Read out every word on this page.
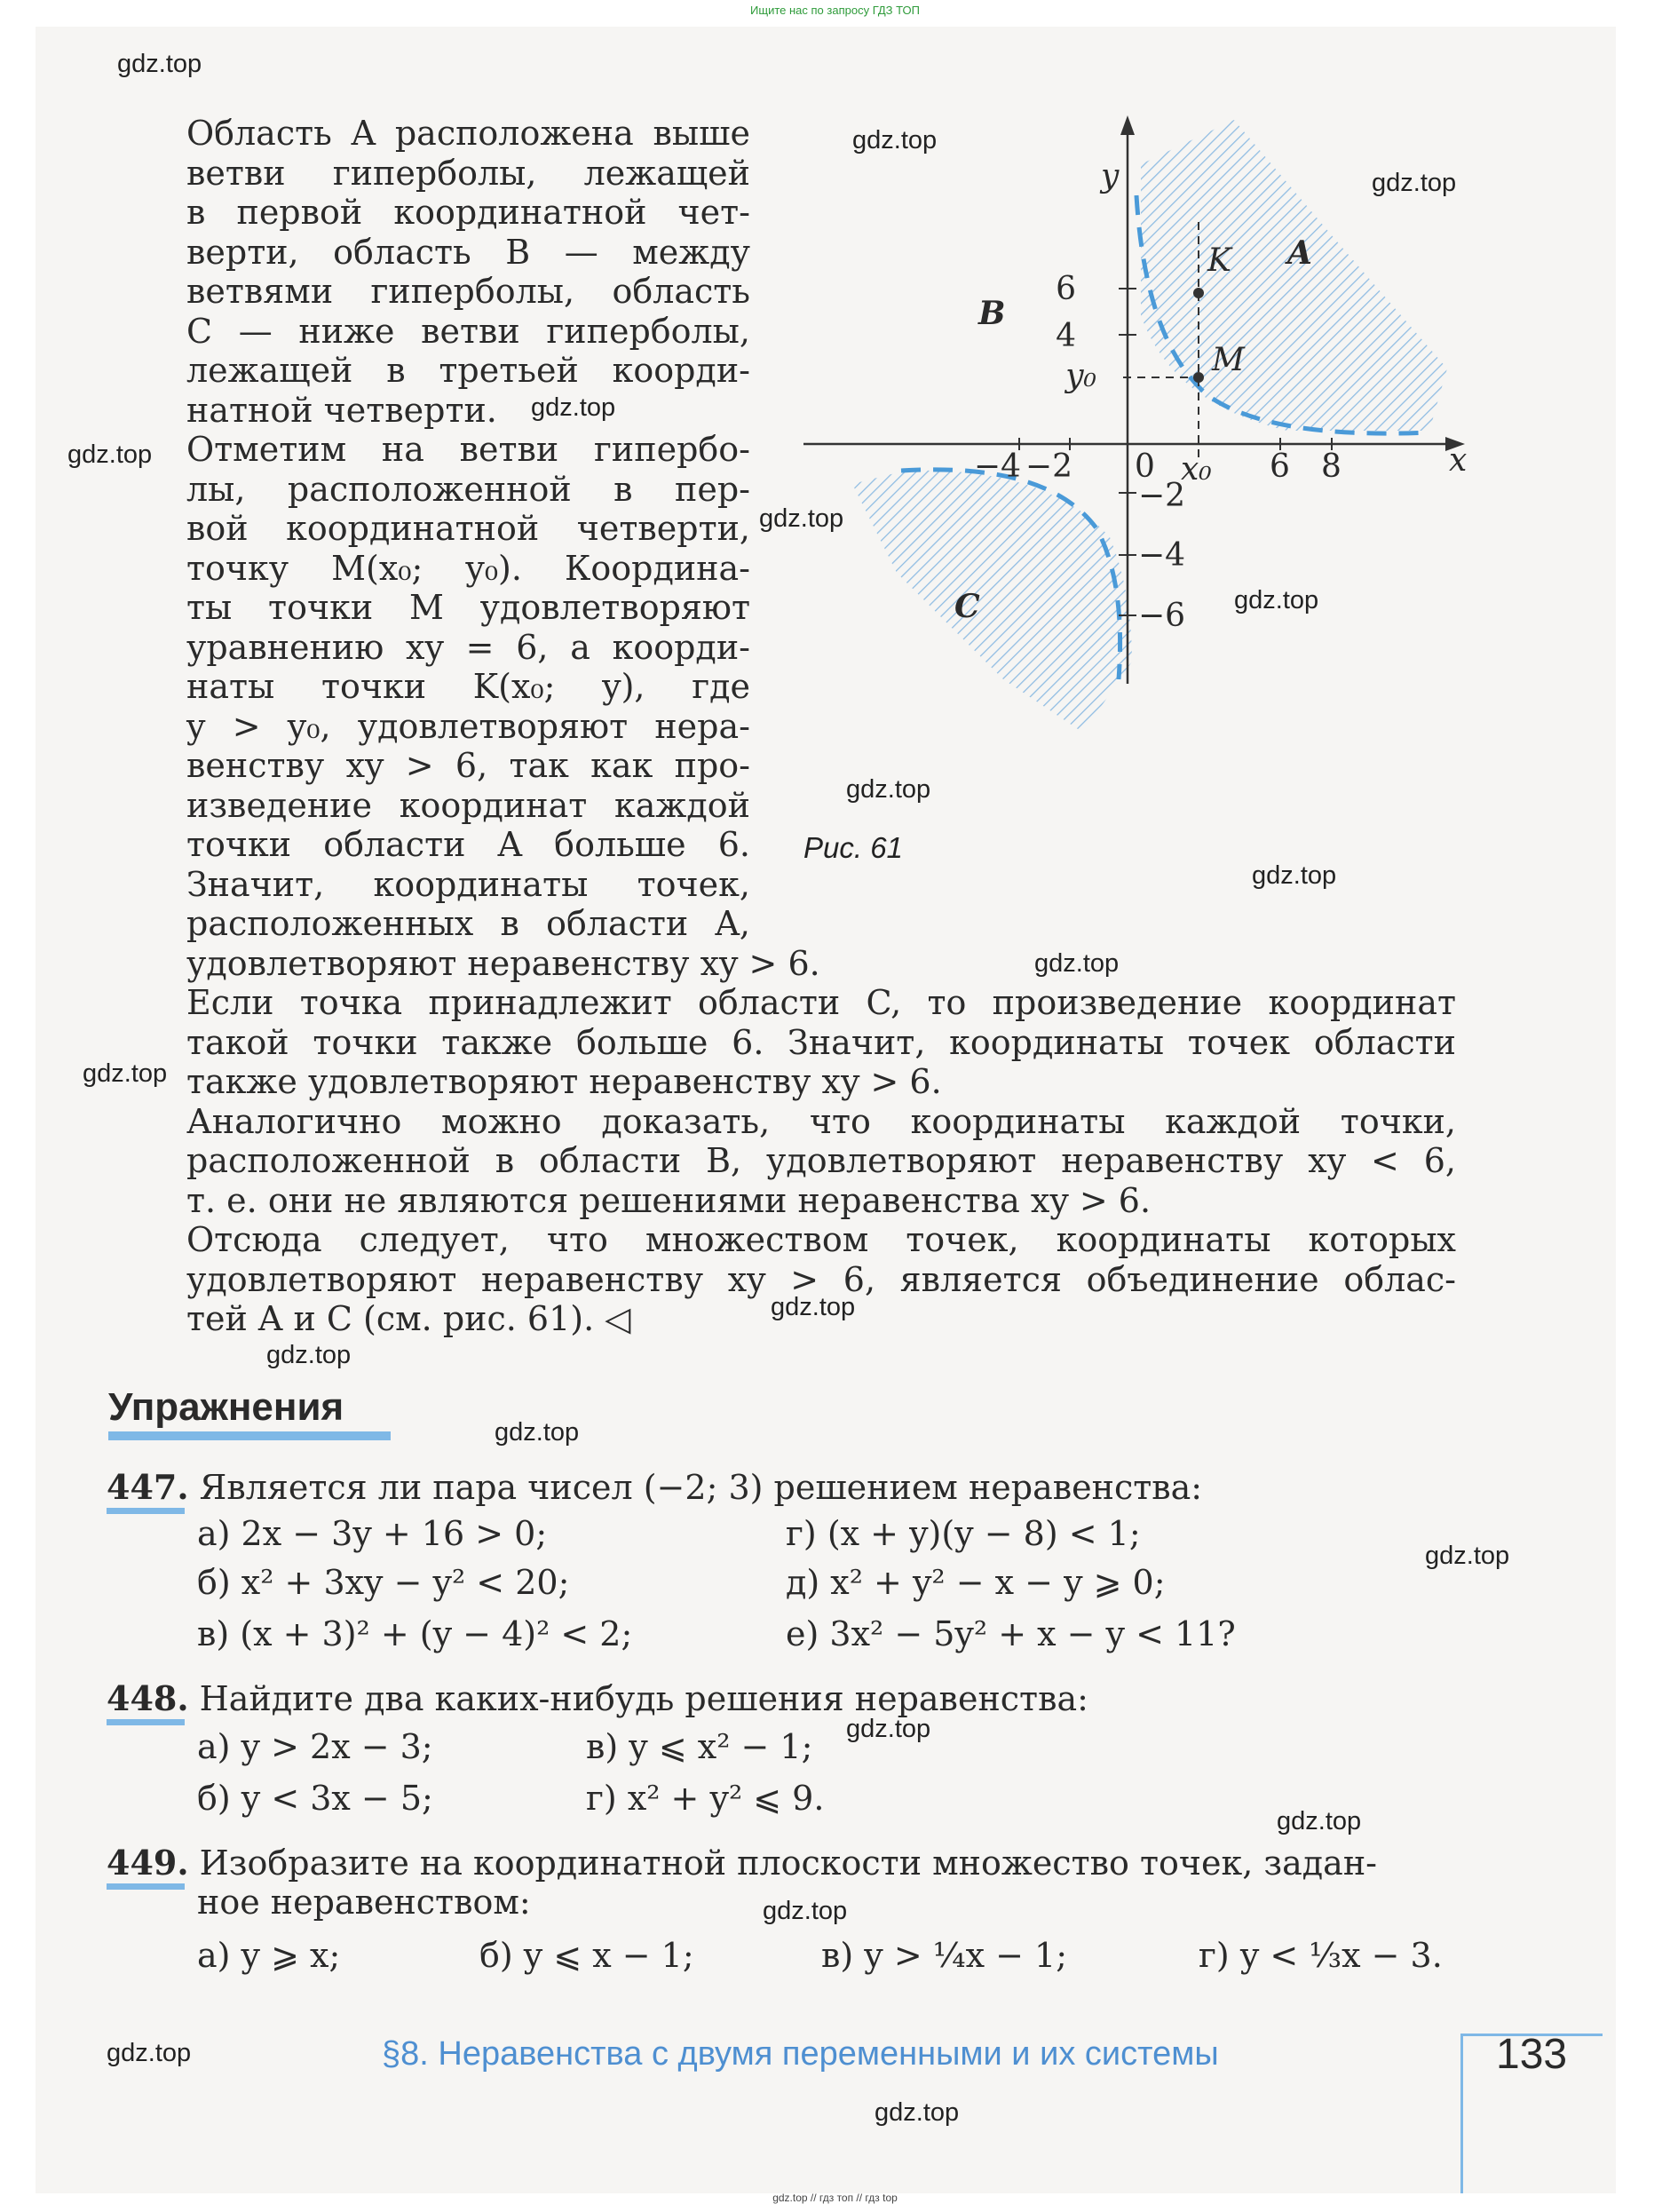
Ищите нас по запросу ГДЗ ТОП
gdz.top
gdz.top
gdz.top
gdz.top
gdz.top
gdz.top
gdz.top
gdz.top
gdz.top
gdz.top
gdz.top
gdz.top
gdz.top
gdz.top
gdz.top
gdz.top
gdz.top
gdz.top
gdz.top
gdz.top
Область A расположена выше
ветви гиперболы, лежащей
в первой координатной чет-
верти, область B — между
ветвями гиперболы, область
C — ниже ветви гиперболы,
лежащей в третьей коорди-
натной четверти.
Отметим на ветви гипербо-
лы, расположенной в пер-
вой координатной четверти,
точку M(x₀; y₀). Координа-
ты точки M удовлетворяют
уравнению xy = 6, а коорди-
наты точки K(x₀; y), где
y > y₀, удовлетворяют нера-
венству xy > 6, так как про-
изведение координат каждой
точки области A больше 6.
Значит, координаты точек,
расположенных в области A,
удовлетворяют неравенству xy > 6.
Если точка принадлежит области C, то произведение координат
такой точки также больше 6. Значит, координаты точек области
также удовлетворяют неравенству xy > 6.
Аналогично можно доказать, что координаты каждой точки,
расположенной в области B, удовлетворяют неравенству xy < 6,
т. е. они не являются решениями неравенства xy > 6.
Отсюда следует, что множеством точек, координаты которых
удовлетворяют неравенству xy > 6, является объединение облас-
тей A и C (см. рис. 61). ◁
y
x
0
6
4
−2
−4
−6
−2
−4	6 8
x₀
y₀
K
M
A
B
C
Рис. 61
Упражнения
447. Является ли пара чисел (−2; 3) решением неравенства:
а) 2x − 3y + 16 > 0;	г) (x + y)(y − 8) < 1;
б) x² + 3xy − y² < 20;	д) x² + y² − x − y ⩾ 0;
в) (x + 3)² + (y − 4)² < 2;	е) 3x² − 5y² + x − y < 11?
448. Найдите два каких-нибудь решения неравенства:
а) y > 2x − 3;	в) y ⩽ x² − 1;
б) y < 3x − 5;	г) x² + y² ⩽ 9.
449. Изобразите на координатной плоскости множество точек, задан-
ное неравенством:
а) y ⩾ x;	б) y ⩽ x − 1;	в) y > ¼x − 1;	г) y < ⅓x − 3.
§8. Неравенства с двумя переменными и их системы	133
gdz.top // гдз топ // гдз top
